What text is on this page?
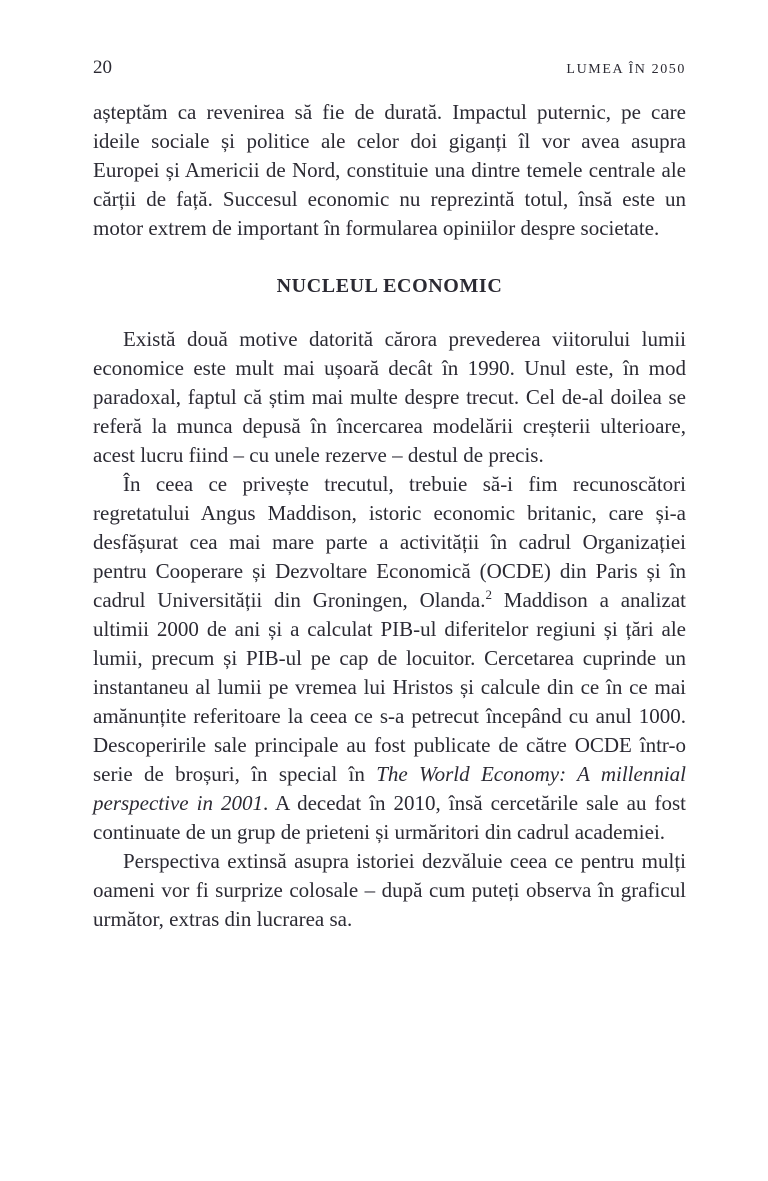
20	LUMEA ÎN 2050

așteptăm ca revenirea să fie de durată. Impactul puternic, pe care ideile sociale și politice ale celor doi giganți îl vor avea asupra Europei și Americii de Nord, constituie una dintre temele centrale ale cărții de față. Succesul economic nu reprezintă totul, însă este un motor extrem de important în formularea opiniilor despre societate.

NUCLEUL ECONOMIC

Există două motive datorită cărora prevederea viitorului lumii economice este mult mai ușoară decât în 1990. Unul este, în mod paradoxal, faptul că știm mai multe despre trecut. Cel de-al doilea se referă la munca depusă în încercarea modelării creșterii ulterioare, acest lucru fiind – cu unele rezerve – destul de precis.

În ceea ce privește trecutul, trebuie să-i fim recunoscători regretatului Angus Maddison, istoric economic britanic, care și-a desfășurat cea mai mare parte a activității în cadrul Organizației pentru Cooperare și Dezvoltare Economică (OCDE) din Paris și în cadrul Universității din Groningen, Olanda.$^2$ Maddison a analizat ultimii 2000 de ani și a calculat PIB-ul diferitelor regiuni și țări ale lumii, precum și PIB-ul pe cap de locuitor. Cercetarea cuprinde un instantaneu al lumii pe vremea lui Hristos și calcule din ce în ce mai amănunțite referitoare la ceea ce s-a petrecut începând cu anul 1000. Descoperirile sale principale au fost publicate de către OCDE într-o serie de broșuri, în special în The World Economy: A millennial perspective in 2001. A decedat în 2010, însă cercetările sale au fost continuate de un grup de prieteni și urmăritori din cadrul academiei.

Perspectiva extinsă asupra istoriei dezvăluie ceea ce pentru mulți oameni vor fi surprize colosale – după cum puteți observa în graficul următor, extras din lucrarea sa.
